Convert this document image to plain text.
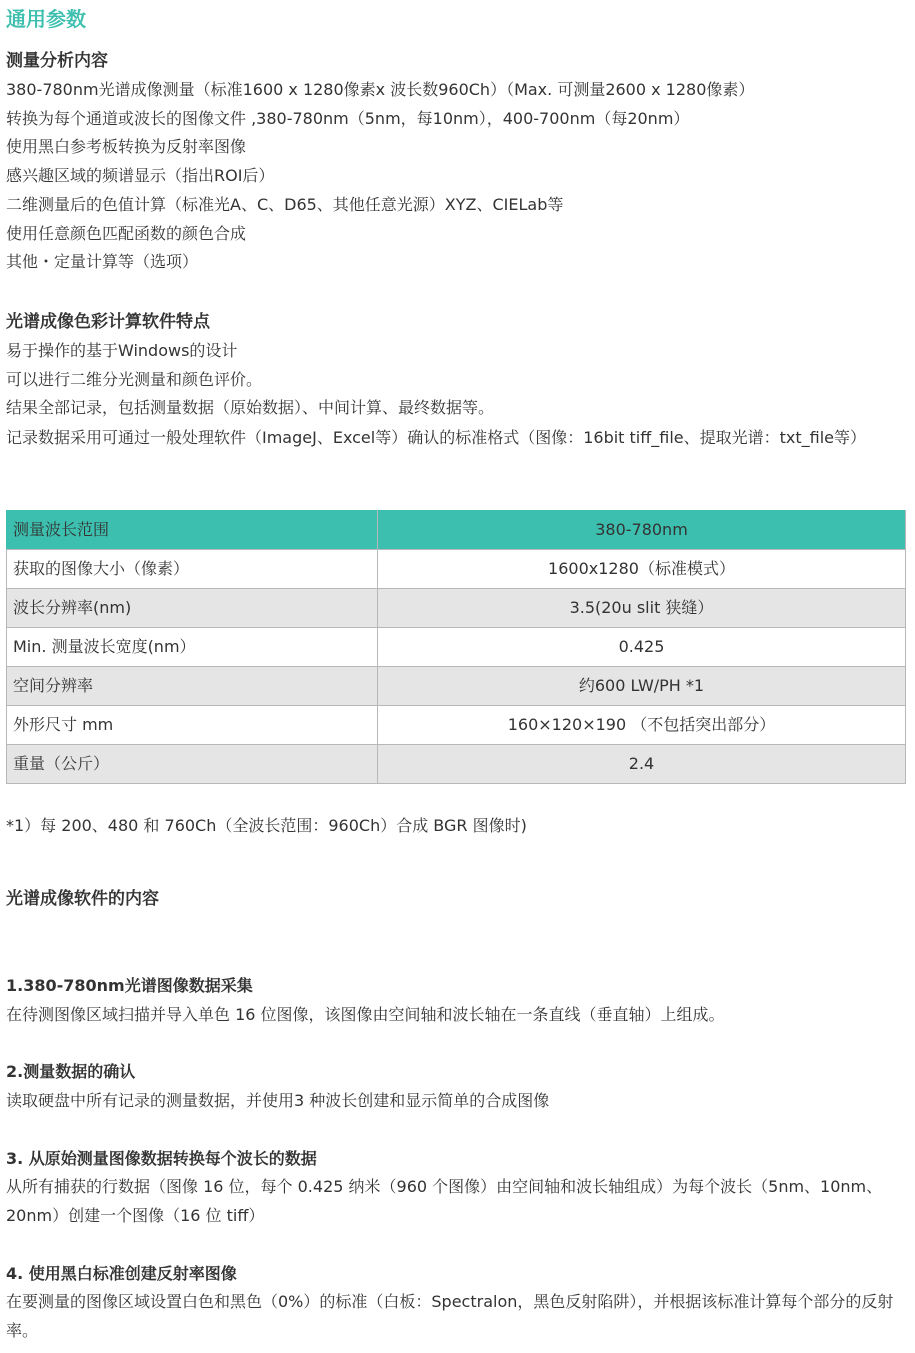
通用参数
测量分析内容

380-780nm光谱成像测量（标准1600 x 1280像素x 波长数960Ch）（Max. 可测量2600 x 1280像素）

转换为每个通道或波长的图像文件 ,380-780nm（5nm，每10nm），400-700nm（每20nm）

使用黑白参考板转换为反射率图像

感兴趣区域的频谱显示（指出ROI后）

二维测量后的色值计算（标准光A、C、D65、其他任意光源）XYZ、CIELab等

使用任意颜色匹配函数的颜色合成

其他・定量计算等（选项）

光谱成像色彩计算软件特点

易于操作的基于Windows的设计

可以进行二维分光测量和颜色评价。

结果全部记录，包括测量数据（原始数据）、中间计算、最终数据等。

记录数据采用可通过一般处理软件（ImageJ、Excel等）确认的标准格式（图像：16bit tiff_file、提取光谱：txt_file等）

测量波长范围	380-780nm
获取的图像大小（像素）	1600x1280（标准模式）
波长分辨率(nm)	3.5(20u slit 狭缝）
Min. 测量波长宽度(nm）	0.425
空间分辨率	约600 LW/PH *1
外形尺寸 mm	160×120×190 （不包括突出部分）
重量（公斤）	2.4

*1）每 200、480 和 760Ch（全波长范围：960Ch）合成 BGR 图像时)

光谱成像软件的内容
1.380-780nm光谱图像数据采集

在待测图像区域扫描并导入单色 16 位图像，该图像由空间轴和波长轴在一条直线（垂直轴）上组成。

2.测量数据的确认

读取硬盘中所有记录的测量数据，并使用3 种波长创建和显示简单的合成图像

3. 从原始测量图像数据转换每个波长的数据

从所有捕获的行数据（图像 16 位，每个 0.425 纳米（960 个图像）由空间轴和波长轴组成）为每个波长（5nm、10nm、20nm）创建一个图像（16 位 tiff）

4. 使用黑白标准创建反射率图像

在要测量的图像区域设置白色和黑色（0%）的标准（白板：Spectralon，黑色反射陷阱），并根据该标准计算每个部分的反射率。
